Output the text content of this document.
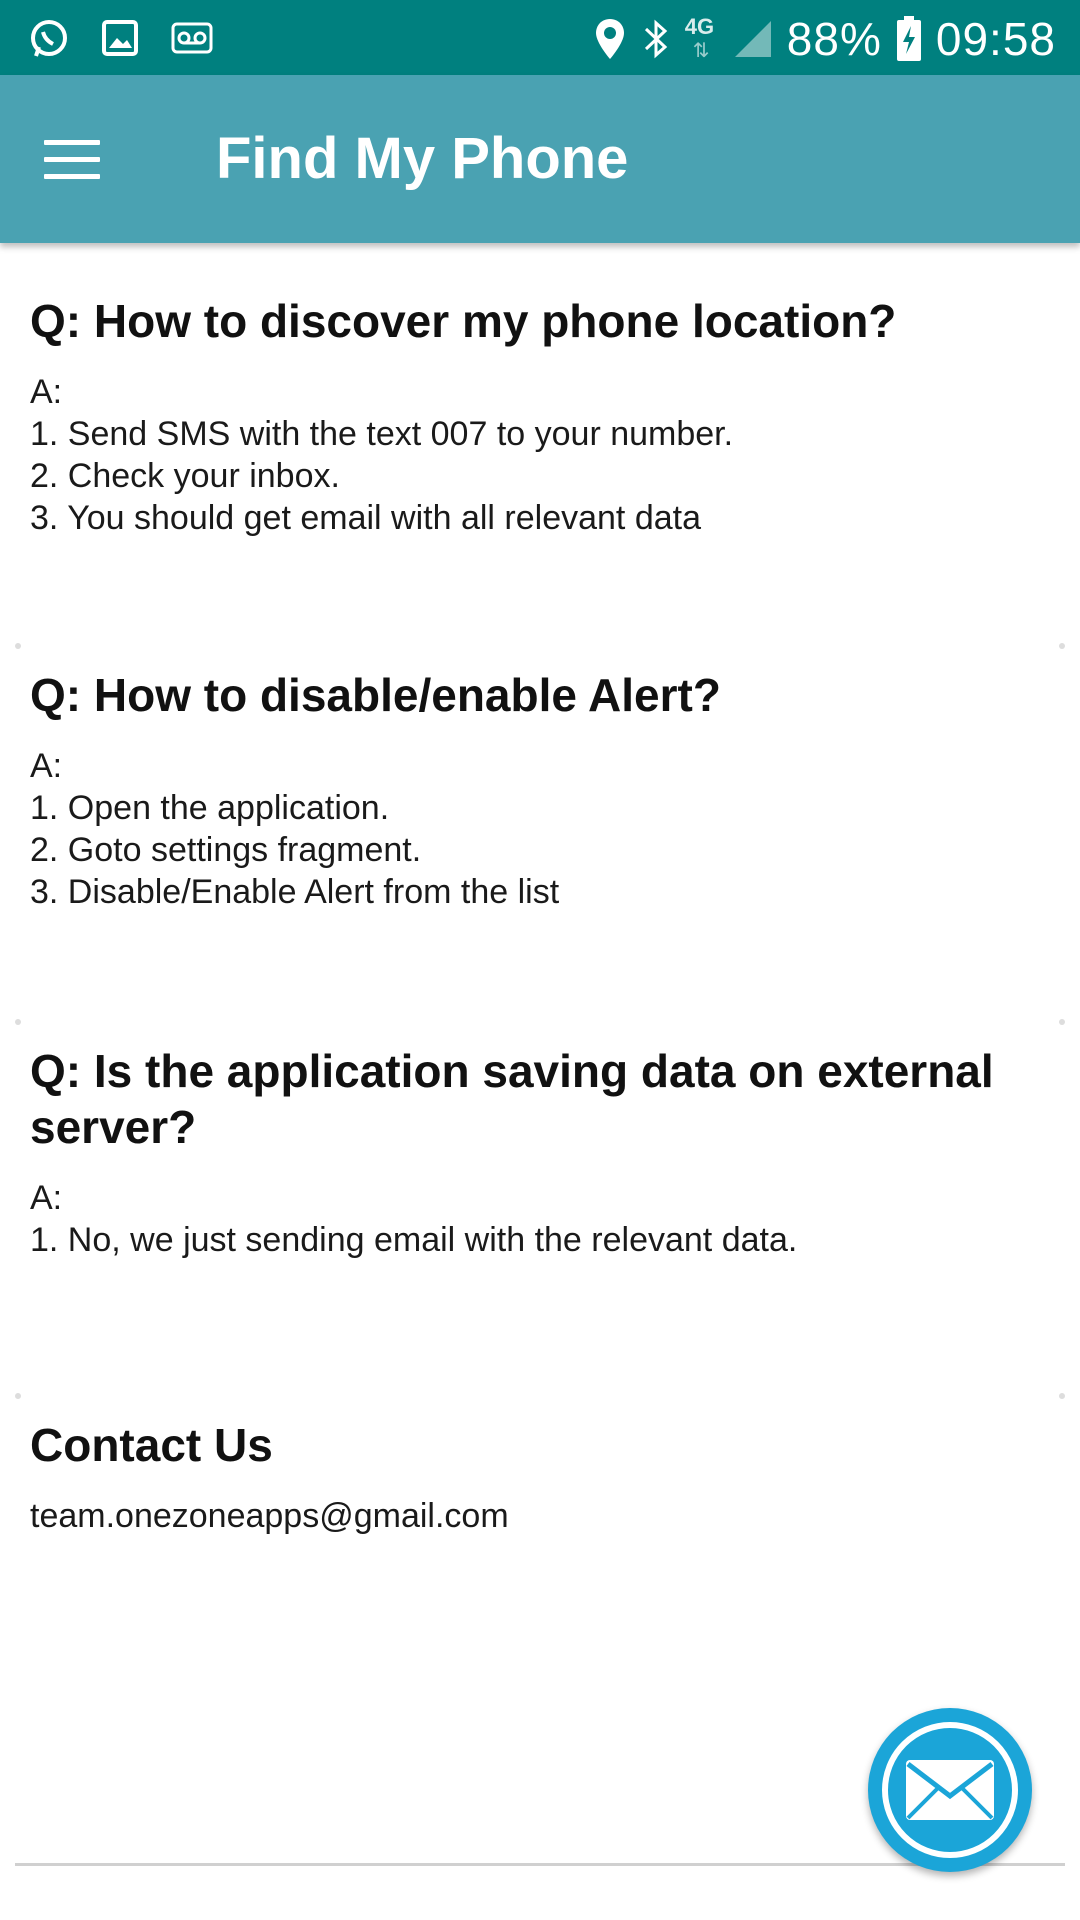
4G
⇅ 88% 09:58
Find My Phone

Q: How to discover my phone location?

A:
1. Send SMS with the text 007 to your number.
2. Check your inbox.
3. You should get email with all relevant data

Q: How to disable/enable Alert?

A:
1. Open the application.
2. Goto settings fragment.
3. Disable/Enable Alert from the list

Q: Is the application saving data on external server?

A:
1. No, we just sending email with the relevant data.

Contact Us

team.onezoneapps@gmail.com
